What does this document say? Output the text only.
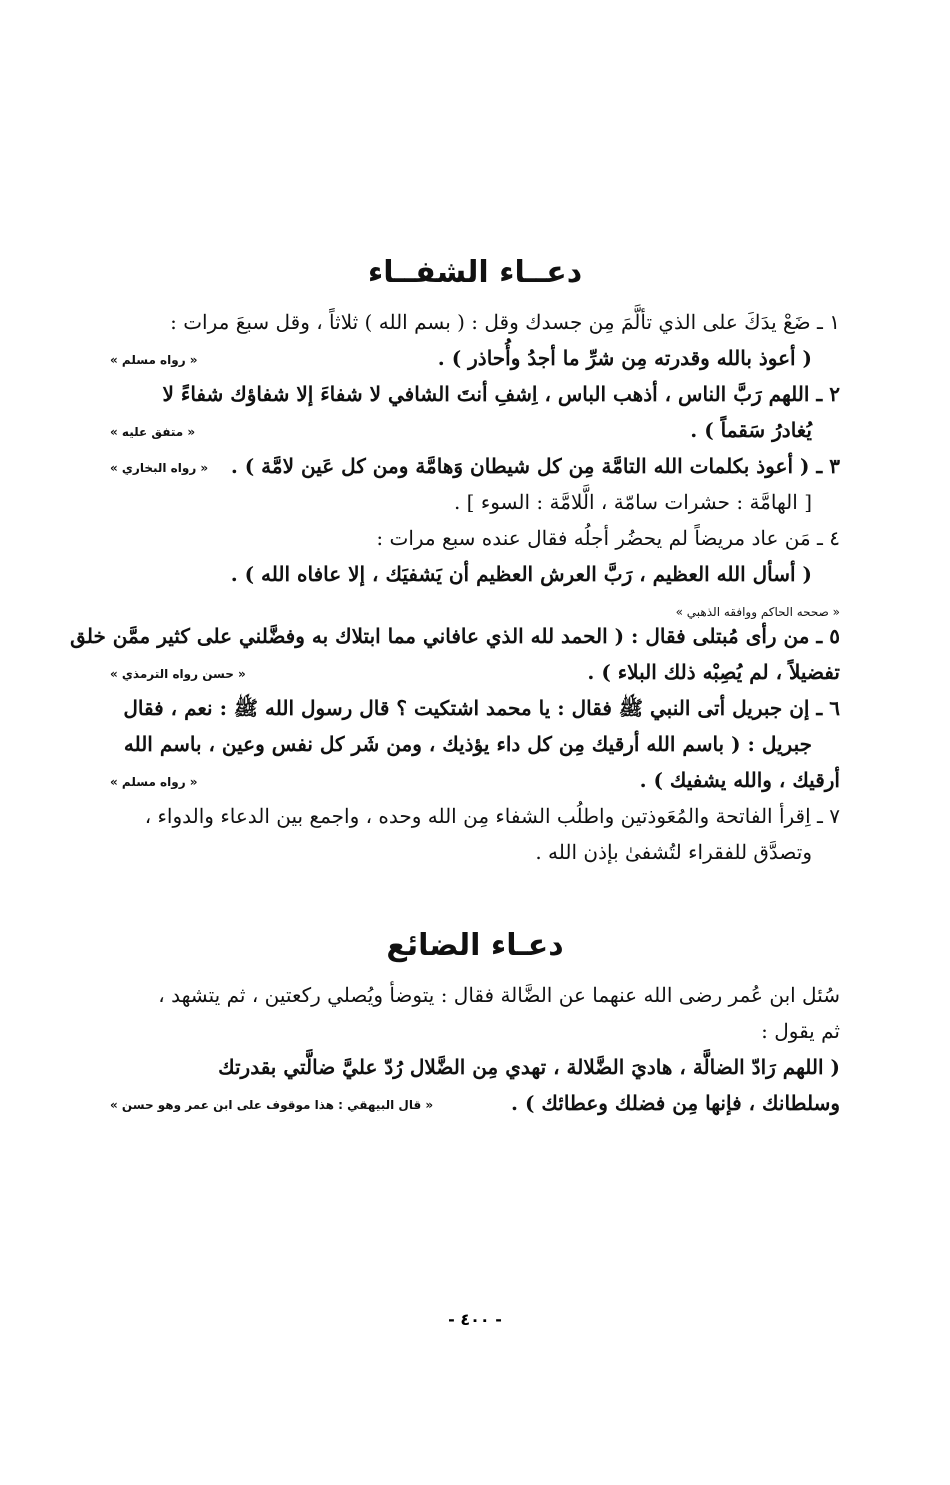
دعــاء الشفــاء
١ ـ ضَعْ يدَكَ على الذي تألَّمَ مِن جسدك وقل : ( بسم الله ) ثلاثاً ، وقل سبعَ مرات :
( أعوذ بالله وقدرته مِن شرِّ ما أجدُ وأُحاذر ) .
« رواه مسلم »
٢ ـ اللهم رَبَّ الناس ، أذهب الباس ، اِشفِ أنتَ الشافي لا شفاءَ إلا شفاؤك شفاءً لا
يُغادرُ سَقماً ) .
« متفق عليه »
٣ ـ ( أعوذ بكلمات الله التامَّة مِن كل شيطان وَهامَّة ومن كل عَين لامَّة ) .
« رواه البخاري »
[ الهامَّة : حشرات سامّة ، الَّلامَّة : السوء ] .
٤ ـ مَن عاد مريضاً لم يحضُر أجلُه فقال عنده سبع مرات :
( أسأل الله العظيم ، رَبَّ العرش العظيم أن يَشفيَك ، إلا عافاه الله ) .
« صححه الحاكم ووافقه الذهبي »
٥ ـ من رأى مُبتلى فقال : ( الحمد لله الذي عافاني مما ابتلاك به وفضَّلني على كثير ممَّن خلق
تفضيلاً ، لم يُصِبْه ذلك البلاء ) .
« حسن رواه الترمذي »
٦ ـ إن جبريل أتى النبي ﷺ فقال : يا محمد اشتكيت ؟ قال رسول الله ﷺ : نعم ، فقال
جبريل : ( باسم الله أرقيك مِن كل داء يؤذيك ، ومن شَر كل نفس وعين ، باسم الله
أرقيك ، والله يشفيك ) .
« رواه مسلم »
٧ ـ اِقرأ الفاتحة والمُعَوذتين واطلُب الشفاء مِن الله وحده ، واجمع بين الدعاء والدواء ،
وتصدَّق للفقراء لتُشفىٰ بإذن الله .
دعـاء الضائع
سُئل ابن عُمر رضى الله عنهما عن الضَّالة فقال : يتوضأ ويُصلي ركعتين ، ثم يتشهد ،
ثم يقول :
( اللهم رَادّ الضالَّة ، هاديَ الضَّلالة ، تهدي مِن الضَّلال رُدّ عليَّ ضالَّتي بقدرتك
وسلطانك ، فإنها مِن فضلك وعطائك ) .
« قال البيهقي : هذا موقوف على ابن عمر وهو حسن »
- ٤٠٠ -
